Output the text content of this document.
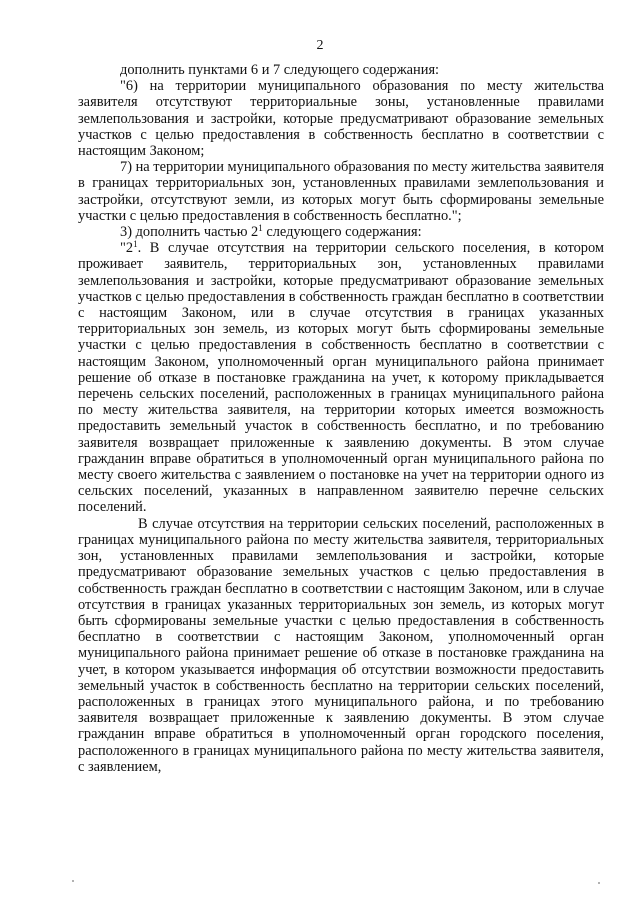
2

дополнить пунктами 6 и 7 следующего содержания:

"6) на территории муниципального образования по месту жительства заявителя отсутствуют территориальные зоны, установленные правилами землепользования и застройки, которые предусматривают образование земельных участков с целью предоставления в собственность бесплатно в соответствии с настоящим Законом;

7) на территории муниципального образования по месту жительства заявителя в границах территориальных зон, установленных правилами землепользования и застройки, отсутствуют земли, из которых могут быть сформированы земельные участки с целью предоставления в собственность бесплатно.";

3) дополнить частью $2^1$ следующего содержания:

"$2^1$. В случае отсутствия на территории сельского поселения, в котором проживает заявитель, территориальных зон, установленных правилами землепользования и застройки, которые предусматривают образование земельных участков с целью предоставления в собственность граждан бесплатно в соответствии с настоящим Законом, или в случае отсутствия в границах указанных территориальных зон земель, из которых могут быть сформированы земельные участки с целью предоставления в собственность бесплатно в соответствии с настоящим Законом, уполномоченный орган муниципального района принимает решение об отказе в постановке гражданина на учет, к которому прикладывается перечень сельских поселений, расположенных в границах муниципального района по месту жительства заявителя, на территории которых имеется возможность предоставить земельный участок в собственность бесплатно, и по требованию заявителя возвращает приложенные к заявлению документы. В этом случае гражданин вправе обратиться в уполномоченный орган муниципального района по месту своего жительства с заявлением о постановке на учет на территории одного из сельских поселений, указанных в направленном заявителю перечне сельских поселений.

В случае отсутствия на территории сельских поселений, расположенных в границах муниципального района по месту жительства заявителя, территориальных зон, установленных правилами землепользования и застройки, которые предусматривают образование земельных участков с целью предоставления в собственность граждан бесплатно в соответствии с настоящим Законом, или в случае отсутствия в границах указанных территориальных зон земель, из которых могут быть сформированы земельные участки с целью предоставления в собственность бесплатно в соответствии с настоящим Законом, уполномоченный орган муниципального района принимает решение об отказе в постановке гражданина на учет, в котором указывается информация об отсутствии возможности предоставить земельный участок в собственность бесплатно на территории сельских поселений, расположенных в границах этого муниципального района, и по требованию заявителя возвращает приложенные к заявлению документы. В этом случае гражданин вправе обратиться в уполномоченный орган городского поселения, расположенного в границах муниципального района по месту жительства заявителя, с заявлением,
